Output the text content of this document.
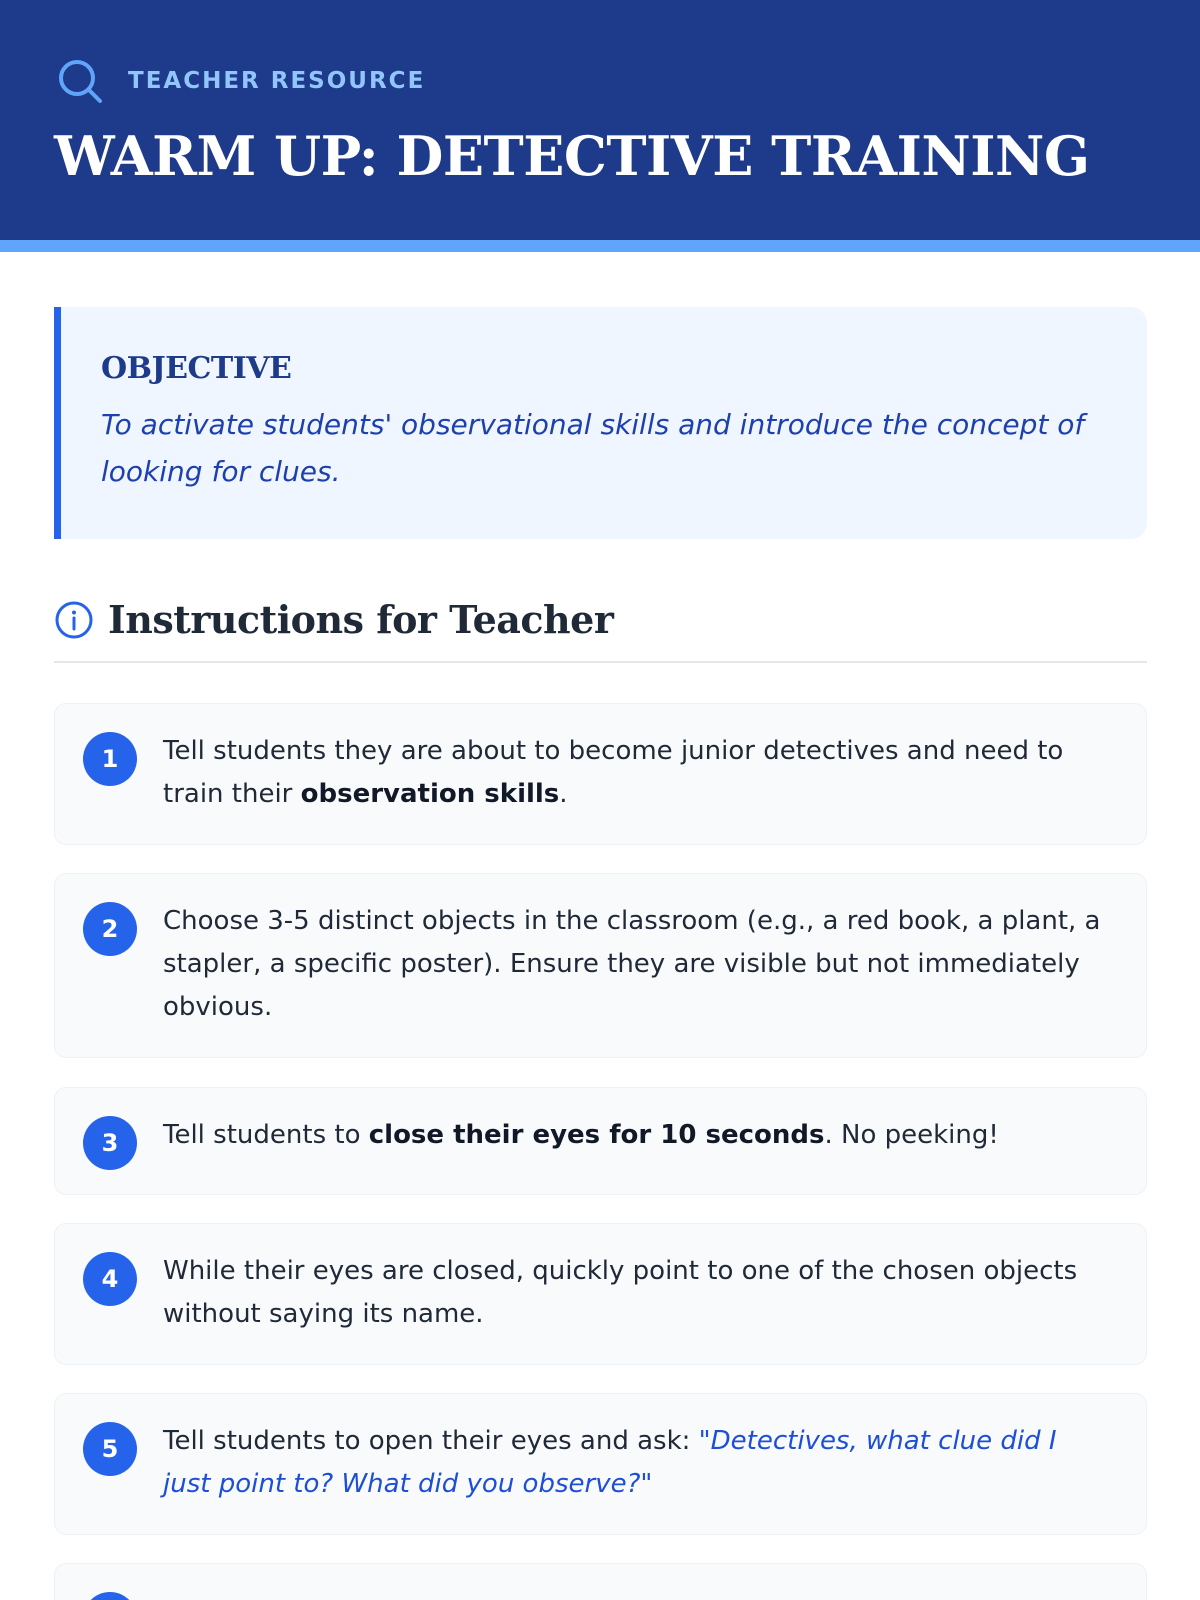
TEACHER RESOURCE
WARM UP: DETECTIVE TRAINING
OBJECTIVE
To activate students' observational skills and introduce the concept of looking for clues.
Instructions for Teacher
1	Tell students they are about to become junior detectives and need to train their observation skills.
2	Choose 3-5 distinct objects in the classroom (e.g., a red book, a plant, a stapler, a specific poster). Ensure they are visible but not immediately obvious.
3	Tell students to close their eyes for 10 seconds. No peeking!
4	While their eyes are closed, quickly point to one of the chosen objects without saying its name.
5	Tell students to open their eyes and ask: "Detectives, what clue did I just point to? What did you observe?"
